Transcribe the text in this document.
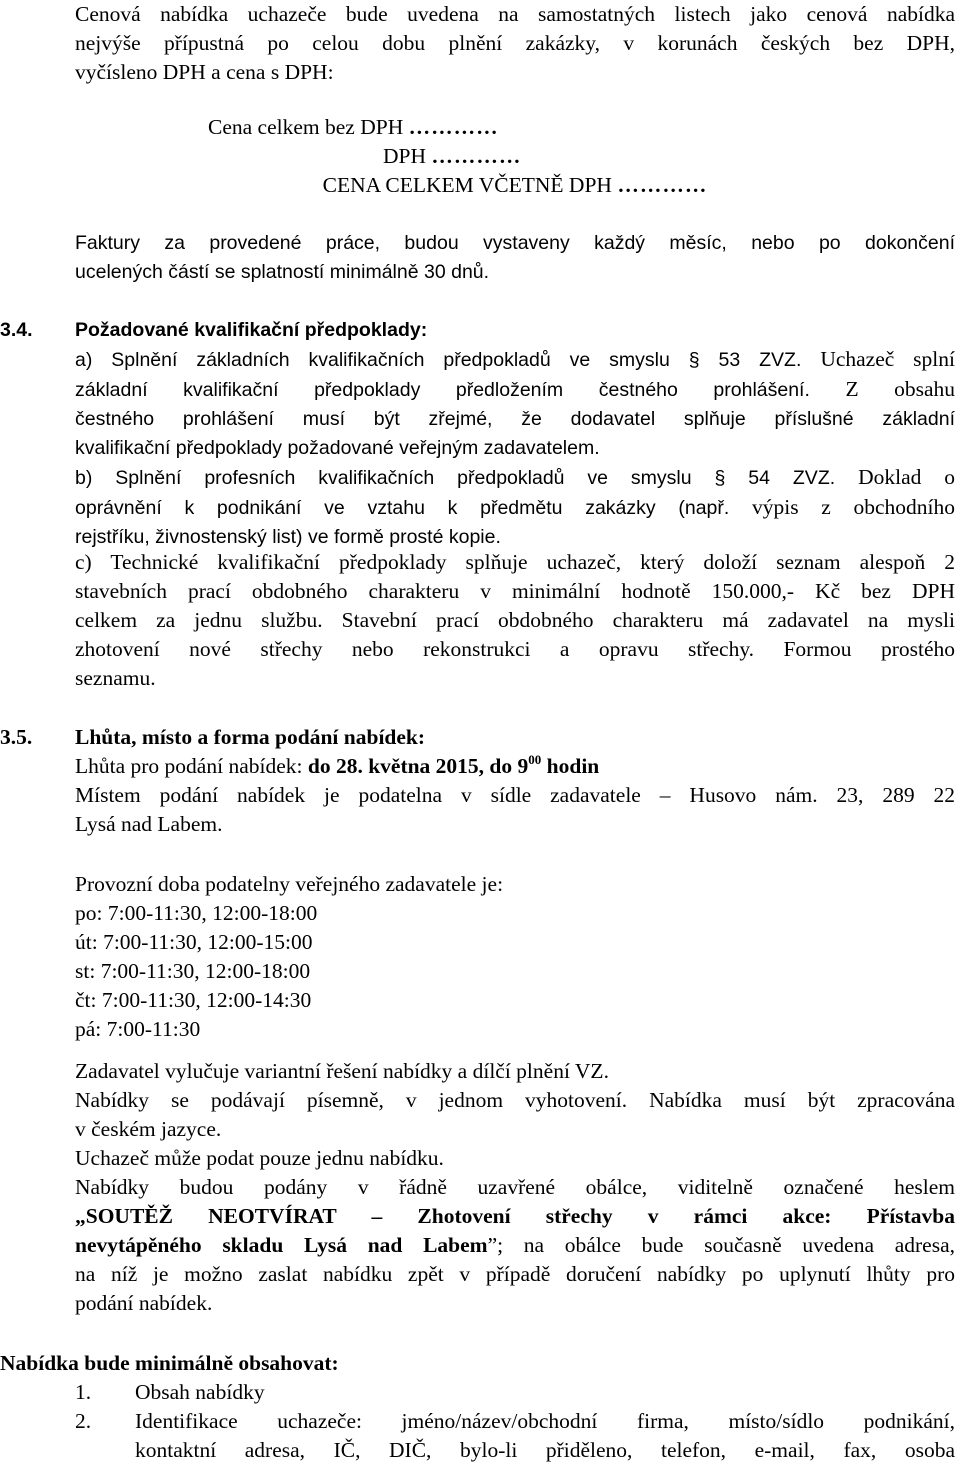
Cenová nabídka uchazeče bude uvedena na samostatných listech jako cenová nabídka

nejvýše přípustná po celou dobu plnění zakázky, v korunách českých bez DPH,

vyčísleno DPH a cena s DPH:

Cena celkem bez DPH …………
DPH …………
CENA CELKEM VČETNĚ DPH …………

Faktury za provedené práce, budou vystaveny každý měsíc, nebo po dokončení

ucelených částí se splatností minimálně 30 dnů.

3.4. Požadované kvalifikační předpoklady:

a) Splnění základních kvalifikačních předpokladů ve smyslu § 53 ZVZ. Uchazeč splní

základní kvalifikační předpoklady předložením čestného prohlášení. Z obsahu

čestného prohlášení musí být zřejmé, že dodavatel splňuje příslušné základní

kvalifikační předpoklady požadované veřejným zadavatelem.

b) Splnění profesních kvalifikačních předpokladů ve smyslu § 54 ZVZ. Doklad o

oprávnění k podnikání ve vztahu k předmětu zakázky (např. výpis z obchodního

rejstříku, živnostenský list) ve formě prosté kopie.

c) Technické kvalifikační předpoklady splňuje uchazeč, který doloží seznam alespoň 2

stavebních prací obdobného charakteru v minimální hodnotě 150.000,- Kč bez DPH

celkem za jednu službu. Stavební prací obdobného charakteru má zadavatel na mysli

zhotovení nové střechy nebo rekonstrukci a opravu střechy. Formou prostého

seznamu.

3.5. Lhůta, místo a forma podání nabídek:

Lhůta pro podání nabídek: do 28. května 2015, do $9^{00}$ hodin

Místem podání nabídek je podatelna v sídle zadavatele – Husovo nám. 23, 289 22

Lysá nad Labem.

Provozní doba podatelny veřejného zadavatele je:

po: 7:00-11:30, 12:00-18:00

út: 7:00-11:30, 12:00-15:00

st: 7:00-11:30, 12:00-18:00

čt: 7:00-11:30, 12:00-14:30

pá: 7:00-11:30

Zadavatel vylučuje variantní řešení nabídky a dílčí plnění VZ.

Nabídky se podávají písemně, v jednom vyhotovení. Nabídka musí být zpracována

v českém jazyce.

Uchazeč může podat pouze jednu nabídku.

Nabídky budou podány v řádně uzavřené obálce, viditelně označené heslem

„SOUTĚŽ NEOTVÍRAT – Zhotovení střechy v rámci akce: Přístavba

nevytápěného skladu Lysá nad Labem”; na obálce bude současně uvedena adresa,

na níž je možno zaslat nabídku zpět v případě doručení nabídky po uplynutí lhůty pro

podání nabídek.

Nabídka bude minimálně obsahovat:
1. Obsah nabídky
2. Identifikace uchazeče: jméno/název/obchodní firma, místo/sídlo podnikání,

kontaktní adresa, IČ, DIČ, bylo-li přiděleno, telefon, e-mail, fax, osoba
